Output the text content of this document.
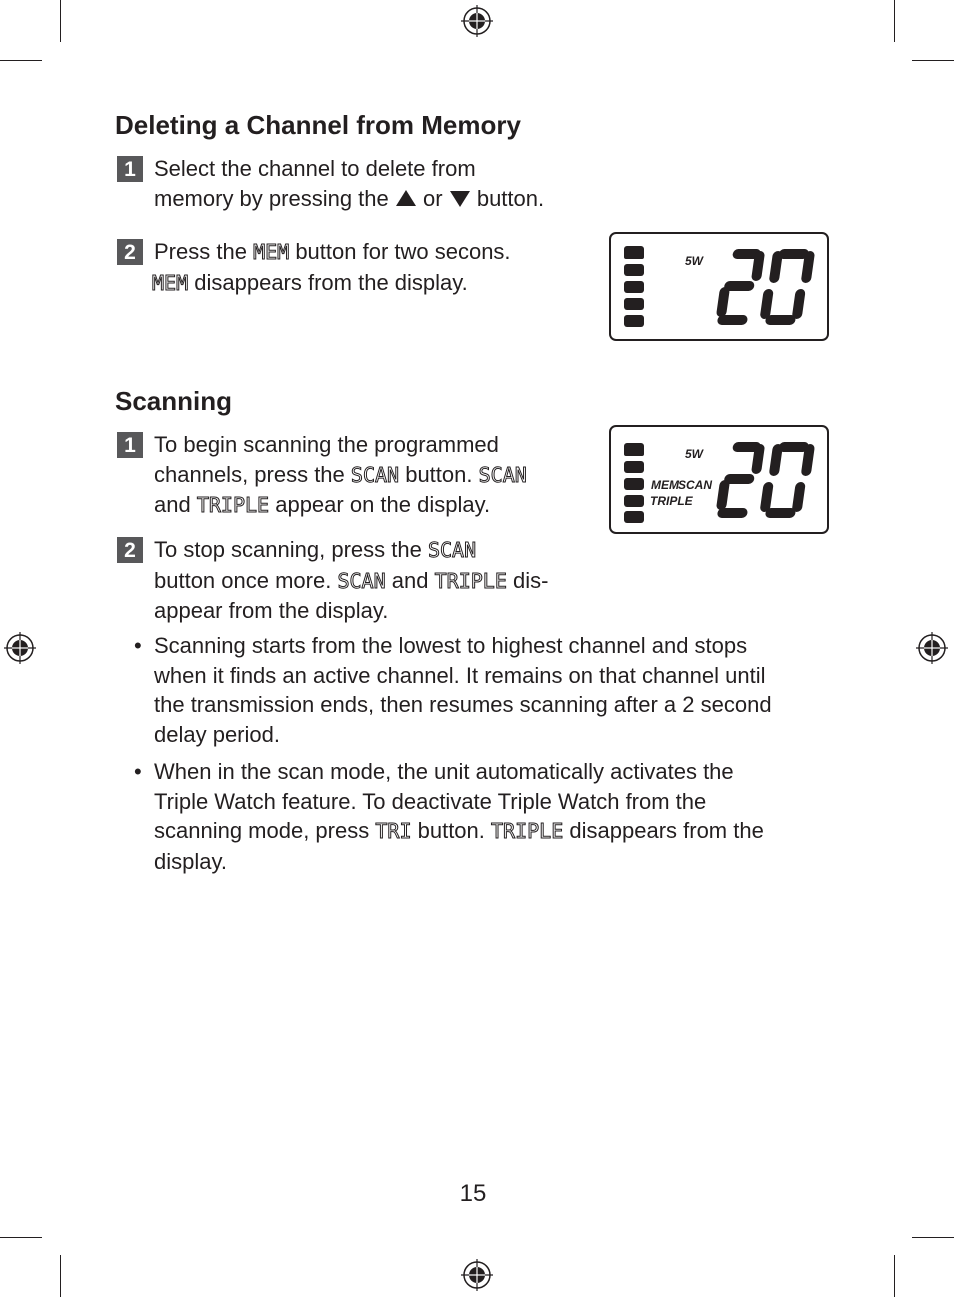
Deleting a Channel from Memory
1 Select the channel to delete from
memory by pressing the or button.
2 Press the MEM button for two secons.
MEM disappears from the display.
5W
Scanning
1 To begin scanning the programmed
channels, press the SCAN button. SCAN
and TRIPLE appear on the display.
5W
MEM SCAN
TRIPLE
2 To stop scanning, press the SCAN
button once more. SCAN and TRIPLE dis-
appear from the display.
• Scanning starts from the lowest to highest channel and stops
when it finds an active channel. It remains on that channel until
the transmission ends, then resumes scanning after a 2 second
delay period.
• When in the scan mode, the unit automatically activates the
Triple Watch feature. To deactivate Triple Watch from the
scanning mode, press TRI button. TRIPLE disappears from the
display.
15
